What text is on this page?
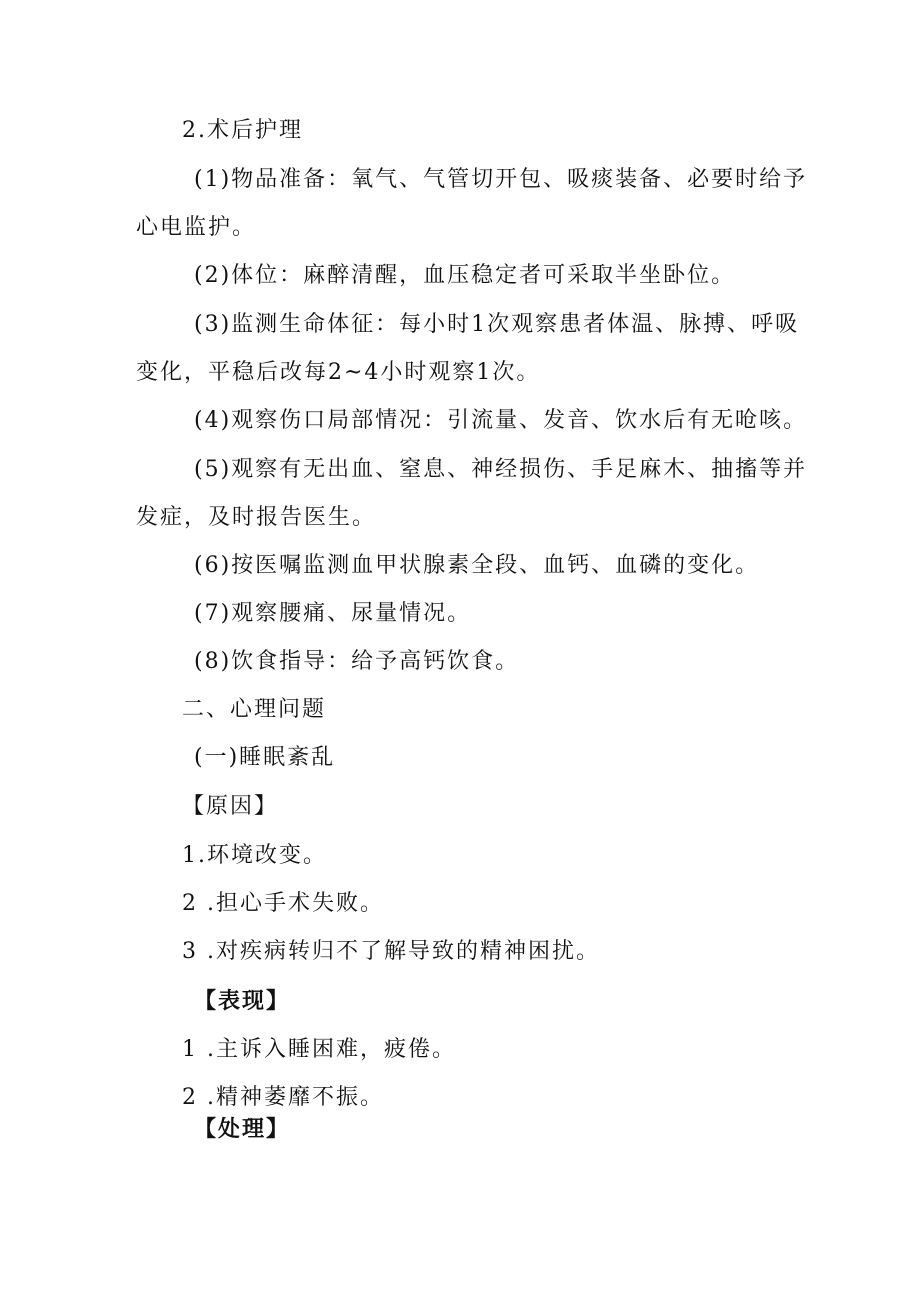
2.术后护理
(1)物品准备：氧气、气管切开包、吸痰装备、必要时给予
心电监护。
(2)体位：麻醉清醒，血压稳定者可采取半坐卧位。
(3)监测生命体征：每小时1次观察患者体温、脉搏、呼吸
变化，平稳后改每2~4小时观察1次。
(4)观察伤口局部情况：引流量、发音、饮水后有无呛咳。
(5)观察有无出血、窒息、神经损伤、手足麻木、抽搐等并
发症，及时报告医生。
(6)按医嘱监测血甲状腺素全段、血钙、血磷的变化。
(7)观察腰痛、尿量情况。
(8)饮食指导：给予高钙饮食。
二、心理问题
(一)睡眠紊乱
【原因】
1.环境改变。
2 .担心手术失败。
3 .对疾病转归不了解导致的精神困扰。
【表现】
1 .主诉入睡困难，疲倦。
2 .精神萎靡不振。
【处理】
